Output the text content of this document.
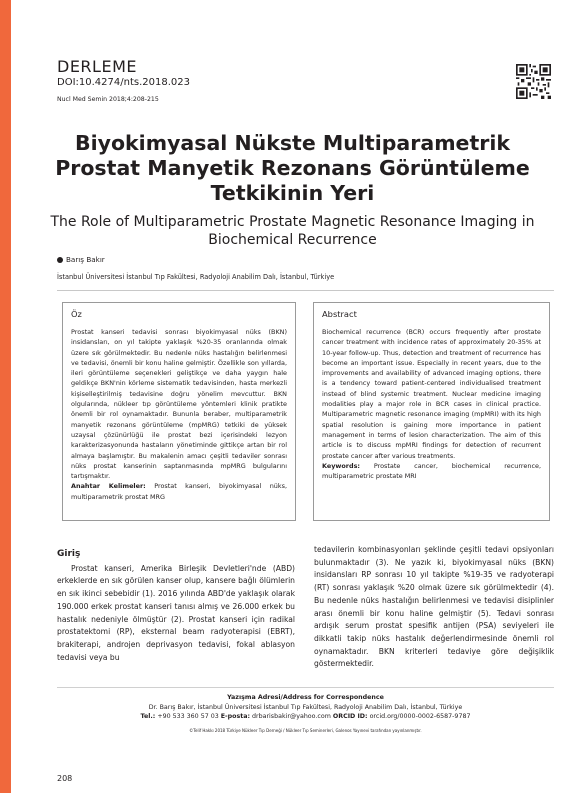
DERLEME
DOI:10.4274/nts.2018.023
Nucl Med Semin 2018;4:208-215
Biyokimyasal Nükste Multiparametrik Prostat Manyetik Rezonans Görüntüleme Tetkikinin Yeri
The Role of Multiparametric Prostate Magnetic Resonance Imaging in Biochemical Recurrence
Barış Bakır
İstanbul Üniversitesi İstanbul Tıp Fakültesi, Radyoloji Anabilim Dalı, İstanbul, Türkiye
Öz

Prostat kanseri tedavisi sonrası biyokimyasal nüks (BKN) insidansları, on yıl takipte yaklaşık %20-35 oranlarında olmak üzere sık görülmektedir. Bu nedenle nüks hastalığın belirlenmesi ve tedavisi, önemli bir konu haline gelmiştir. Özellikle son yıllarda, ileri görüntüleme seçenekleri geliştikçe ve daha yaygın hale geldikçe BKN'nin körleme sistematik tedavisinden, hasta merkezli kişiselleştirilmiş tedavisine doğru yönelim mevcuttur. BKN olgularında, nükleer tıp görüntüleme yöntemleri klinik pratikte önemli bir rol oynamaktadır. Bununla beraber, multiparametrik manyetik rezonans görüntüleme (mpMRG) tetkiki de yüksek uzaysal çözünürlüğü ile prostat bezi içerisindeki lezyon karakterizasyonunda hastaların yönetiminde gittikçe artan bir rol almaya başlamıştır. Bu makalenin amacı çeşitli tedaviler sonrası nüks prostat kanserinin saptanmasında mpMRG bulgularını tartışmaktır.

Anahtar Kelimeler: Prostat kanseri, biyokimyasal nüks, multiparametrik prostat MRG

Abstract

Biochemical recurrence (BCR) occurs frequently after prostate cancer treatment with incidence rates of approximately 20-35% at 10-year follow-up. Thus, detection and treatment of recurrence has become an important issue. Especially in recent years, due to the improvements and availability of advanced imaging options, there is a tendency toward patient-centered individualised treatment instead of blind systemic treatment. Nuclear medicine imaging modalities play a major role in BCR cases in clinical practice. Multiparametric magnetic resonance imaging (mpMRI) with its high spatial resolution is gaining more importance in patient management in terms of lesion characterization. The aim of this article is to discuss mpMRI findings for detection of recurrent prostate cancer after various treatments.

Keywords: Prostate cancer, biochemical recurrence, multiparametric prostate MRI

Giriş

Prostat kanseri, Amerika Birleşik Devletleri'nde (ABD) erkeklerde en sık görülen kanser olup, kansere bağlı ölümlerin en sık ikinci sebebidir (1). 2016 yılında ABD'de yaklaşık olarak 190.000 erkek prostat kanseri tanısı almış ve 26.000 erkek bu hastalık nedeniyle ölmüştür (2). Prostat kanseri için radikal prostatektomi (RP), eksternal beam radyoterapisi (EBRT), brakiterapi, androjen deprivasyon tedavisi, fokal ablasyon tedavisi veya bu

tedavilerin kombinasyonları şeklinde çeşitli tedavi opsiyonları bulunmaktadır (3). Ne yazık ki, biyokimyasal nüks (BKN) insidansları RP sonrası 10 yıl takipte %19-35 ve radyoterapi (RT) sonrası yaklaşık %20 olmak üzere sık görülmektedir (4). Bu nedenle nüks hastalığın belirlenmesi ve tedavisi disiplinler arası önemli bir konu haline gelmiştir (5). Tedavi sonrası ardışık serum prostat spesifik antijen (PSA) seviyeleri ile dikkatli takip nüks hastalık değerlendirmesinde önemli rol oynamaktadır. BKN kriterleri tedaviye göre değişiklik göstermektedir.

Yazışma Adresi/Address for Correspondence
Dr. Barış Bakır, İstanbul Üniversitesi İstanbul Tıp Fakültesi, Radyoloji Anabilim Dalı, İstanbul, Türkiye
Tel.: +90 533 360 57 03 E-posta: drbarisbakir@yahoo.com ORCID ID: orcid.org/0000-0002-6587-9787
©Telif Hakkı 2018 Türkiye Nükleer Tıp Derneği / Nükleer Tıp Seminerleri, Galenos Yayınevi tarafından yayınlanmıştır.
208
